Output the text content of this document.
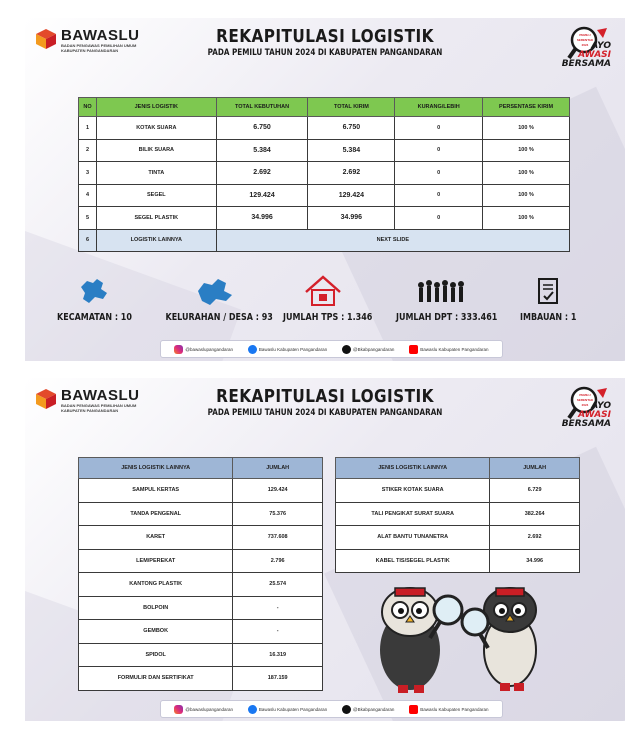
BAWASLU
BADAN PENGAWAS PEMILIHAN UMUM
KABUPATEN PANGANDARAN
REKAPITULASI LOGISTIK
PADA PEMILU TAHUN 2024 DI KABUPATEN PANGANDARAN
PEMILU SERENTAK 2024 AYO
AWASI
BERSAMA
NO	JENIS LOGISTIK	TOTAL KEBUTUHAN	TOTAL KIRIM	KURANG/LEBIH	PERSENTASE KIRIM
1	KOTAK SUARA	6.750	6.750	0	100 %
2	BILIK SUARA	5.384	5.384	0	100 %
3	TINTA	2.692	2.692	0	100 %
4	SEGEL	129.424	129.424	0	100 %
5	SEGEL PLASTIK	34.996	34.996	0	100 %
6	LOGISTIK LAINNYA	NEXT SLIDE			
KECAMATAN : 10	KELURAHAN / DESA : 93 JUMLAH TPS : 1.346 JUMLAH DPT : 333.461 IMBAUAN : 1
@bawaslupangandaran	Bawaslu Kabupaten Pangandaran	@Bkabpangandaran	Bawaslu Kabupaten Pangandaran
BAWASLU
BADAN PENGAWAS PEMILIHAN UMUM
KABUPATEN PANGANDARAN
REKAPITULASI LOGISTIK
PADA PEMILU TAHUN 2024 DI KABUPATEN PANGANDARAN
PEMILU SERENTAK 2024 AYO
AWASI
BERSAMA
JENIS LOGISTIK LAINNYA	JUMLAH
SAMPUL KERTAS	129.424
TANDA PENGENAL	75.376
KARET	737.608
LEM/PEREKAT	2.796
KANTONG PLASTIK	25.574
BOLPOIN	-
GEMBOK	-
SPIDOL	16.319
FORMULIR DAN SERTIFIKAT	187.159
JENIS LOGISTIK LAINNYA	JUMLAH
STIKER KOTAK SUARA	6.729
TALI PENGIKAT SURAT SUARA	382.264
ALAT BANTU TUNANETRA	2.692
KABEL TIS/SEGEL PLASTIK	34.996
@bawaslupangandaran	Bawaslu Kabupaten Pangandaran	@Bkabpangandaran	Bawaslu Kabupaten Pangandaran
